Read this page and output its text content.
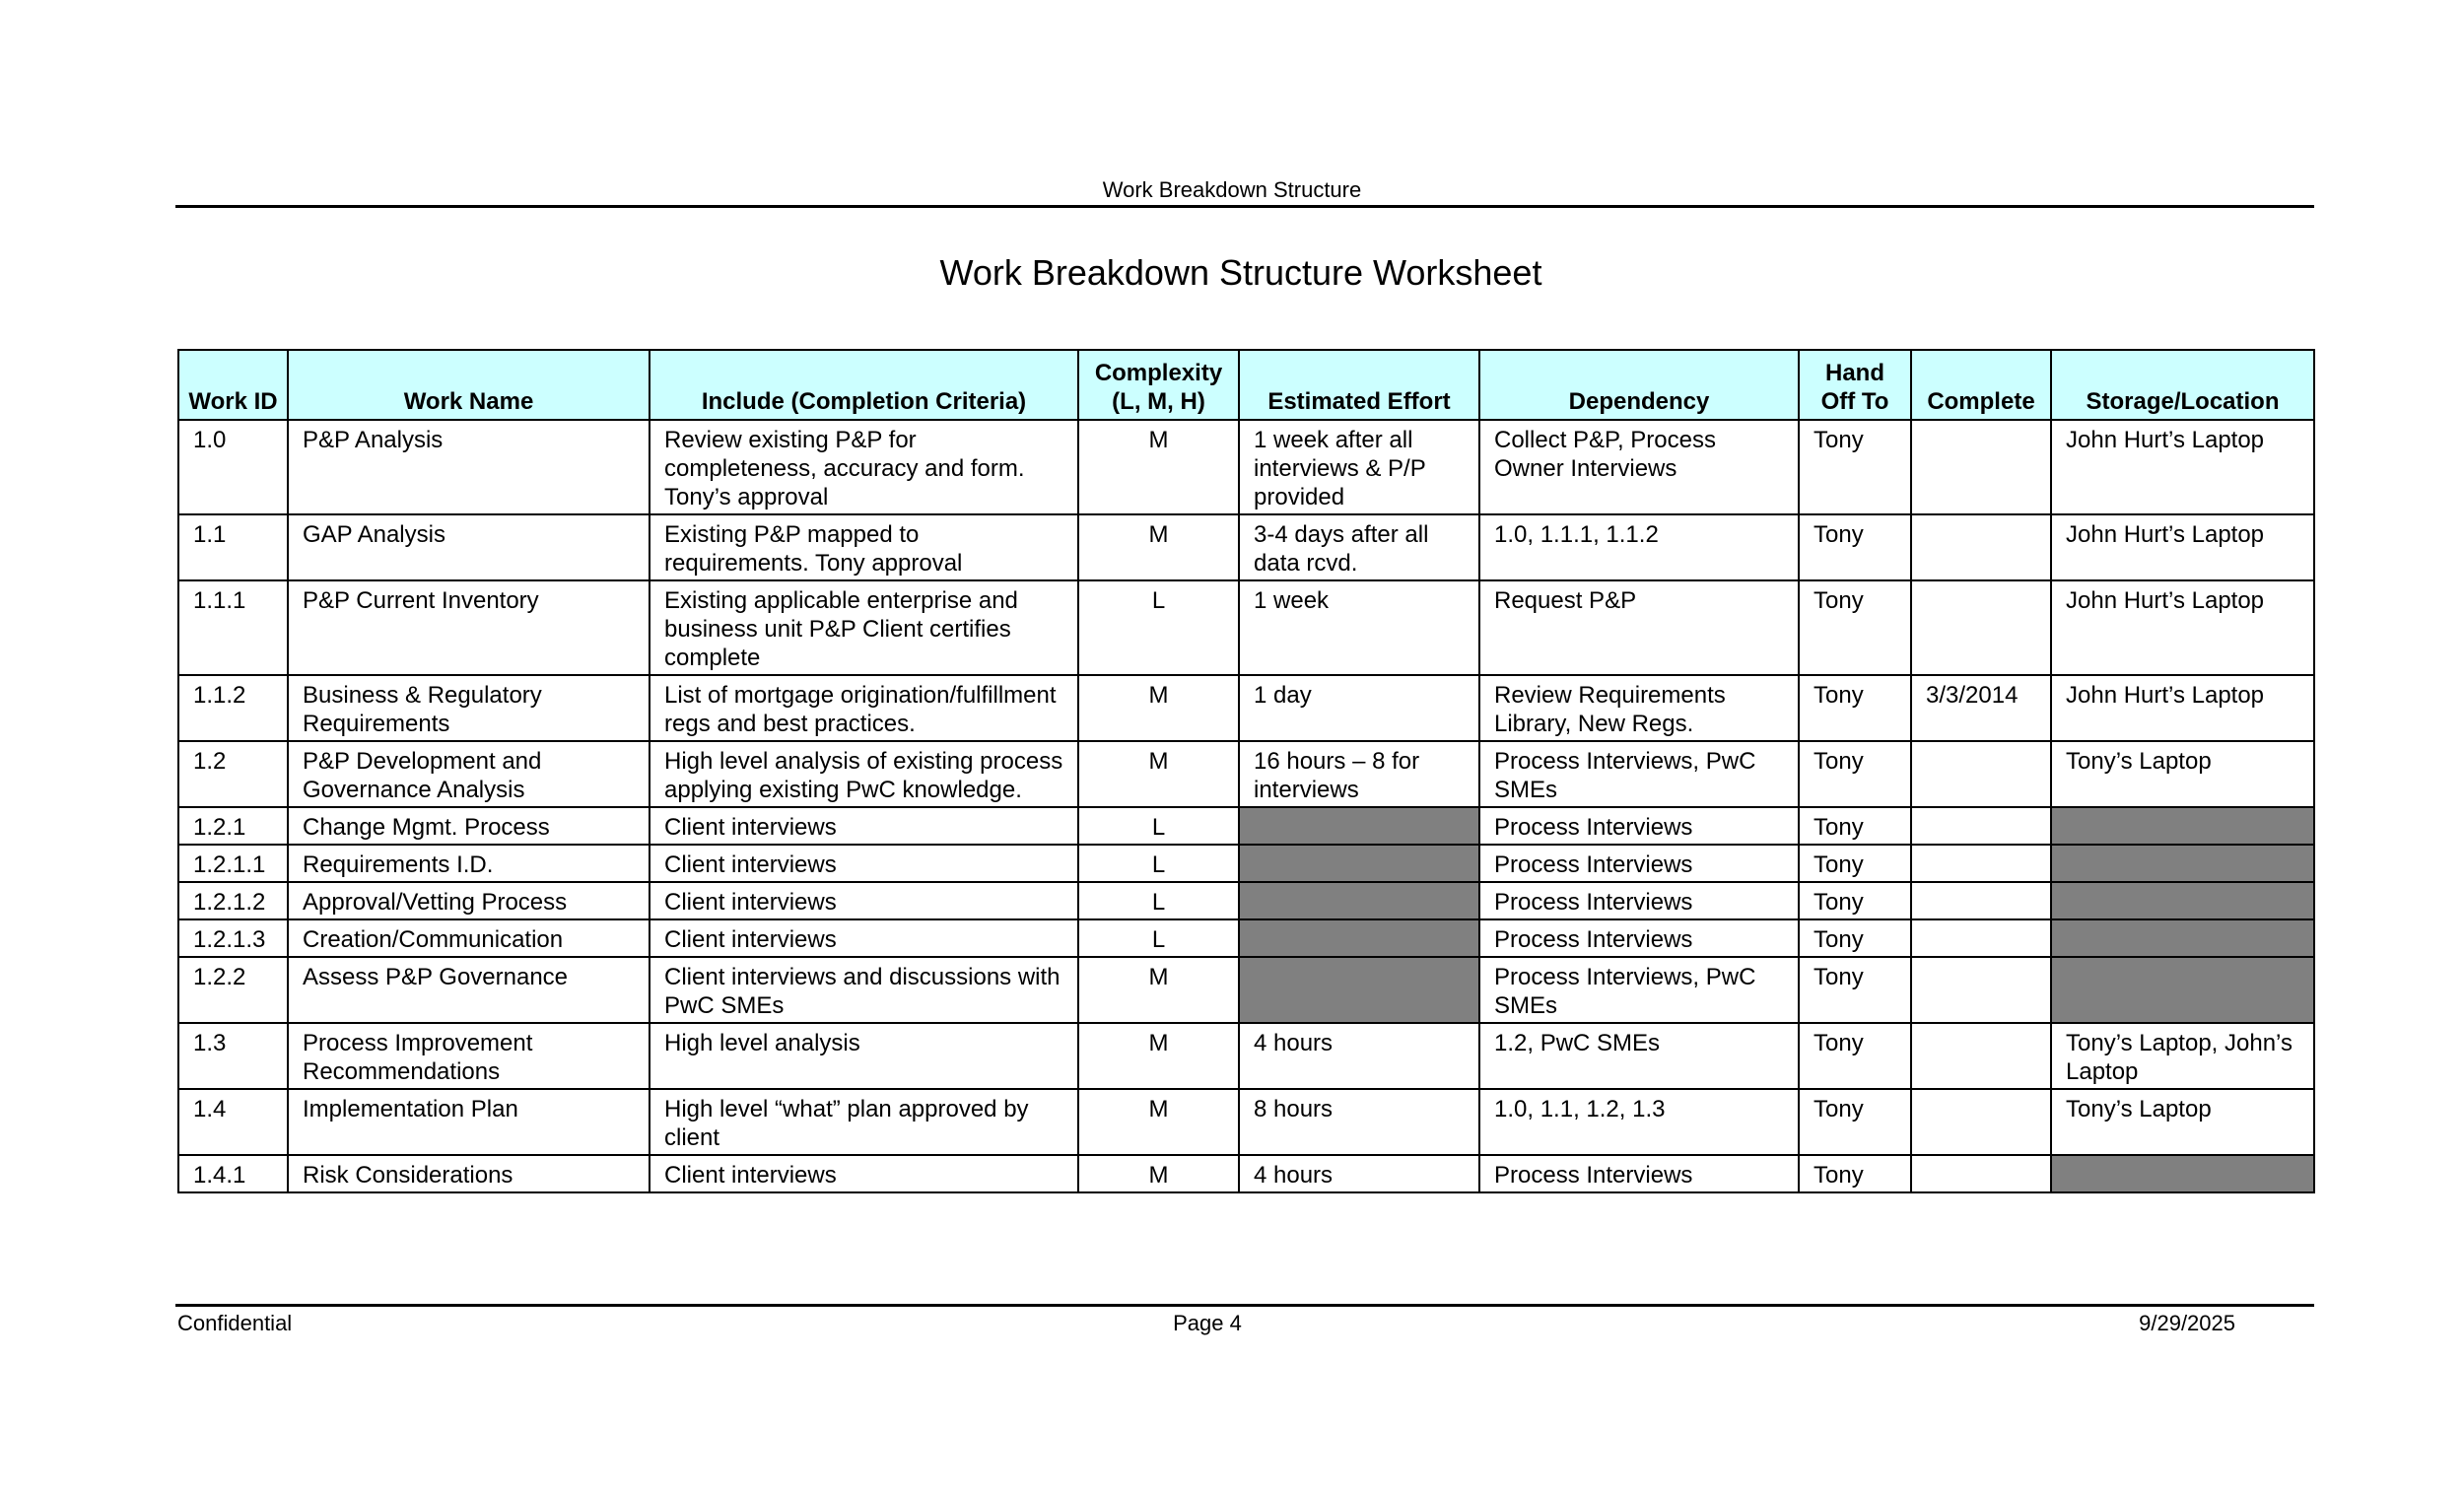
Work Breakdown Structure
Work Breakdown Structure Worksheet
Work ID	Work Name	Include (Completion Criteria)	Complexity (L, M, H)	Estimated Effort	Dependency	Hand Off To	Complete	Storage/Location
1.0	P&P Analysis	Review existing P&P for completeness, accuracy and form. Tony’s approval	M	1 week after all interviews & P/P provided	Collect P&P, Process Owner Interviews	Tony		John Hurt’s Laptop
1.1	GAP Analysis	Existing P&P mapped to requirements. Tony approval	M	3-4 days after all data rcvd.	1.0, 1.1.1, 1.1.2	Tony		John Hurt’s Laptop
1.1.1	P&P Current Inventory	Existing applicable enterprise and business unit P&P Client certifies complete	L	1 week	Request P&P	Tony		John Hurt’s Laptop
1.1.2	Business & Regulatory Requirements	List of mortgage origination/fulfillment regs and best practices.	M	1 day	Review Requirements Library, New Regs.	Tony	3/3/2014	John Hurt’s Laptop
1.2	P&P Development and Governance Analysis	High level analysis of existing process applying existing PwC knowledge.	M	16 hours – 8 for interviews	Process Interviews, PwC SMEs	Tony		Tony’s Laptop
1.2.1	Change Mgmt. Process	Client interviews	L		Process Interviews	Tony		
1.2.1.1	Requirements I.D.	Client interviews	L		Process Interviews	Tony		
1.2.1.2	Approval/Vetting Process	Client interviews	L		Process Interviews	Tony		
1.2.1.3	Creation/Communication	Client interviews	L		Process Interviews	Tony		
1.2.2	Assess P&P Governance	Client interviews and discussions with PwC SMEs	M		Process Interviews, PwC SMEs	Tony		
1.3	Process Improvement Recommendations	High level analysis	M	4 hours	1.2, PwC SMEs	Tony		Tony’s Laptop, John’s Laptop
1.4	Implementation Plan	High level “what” plan approved by client	M	8 hours	1.0, 1.1, 1.2, 1.3	Tony		Tony’s Laptop
1.4.1	Risk Considerations	Client interviews	M	4 hours	Process Interviews	Tony		
Confidential	Page 4	9/29/2025
